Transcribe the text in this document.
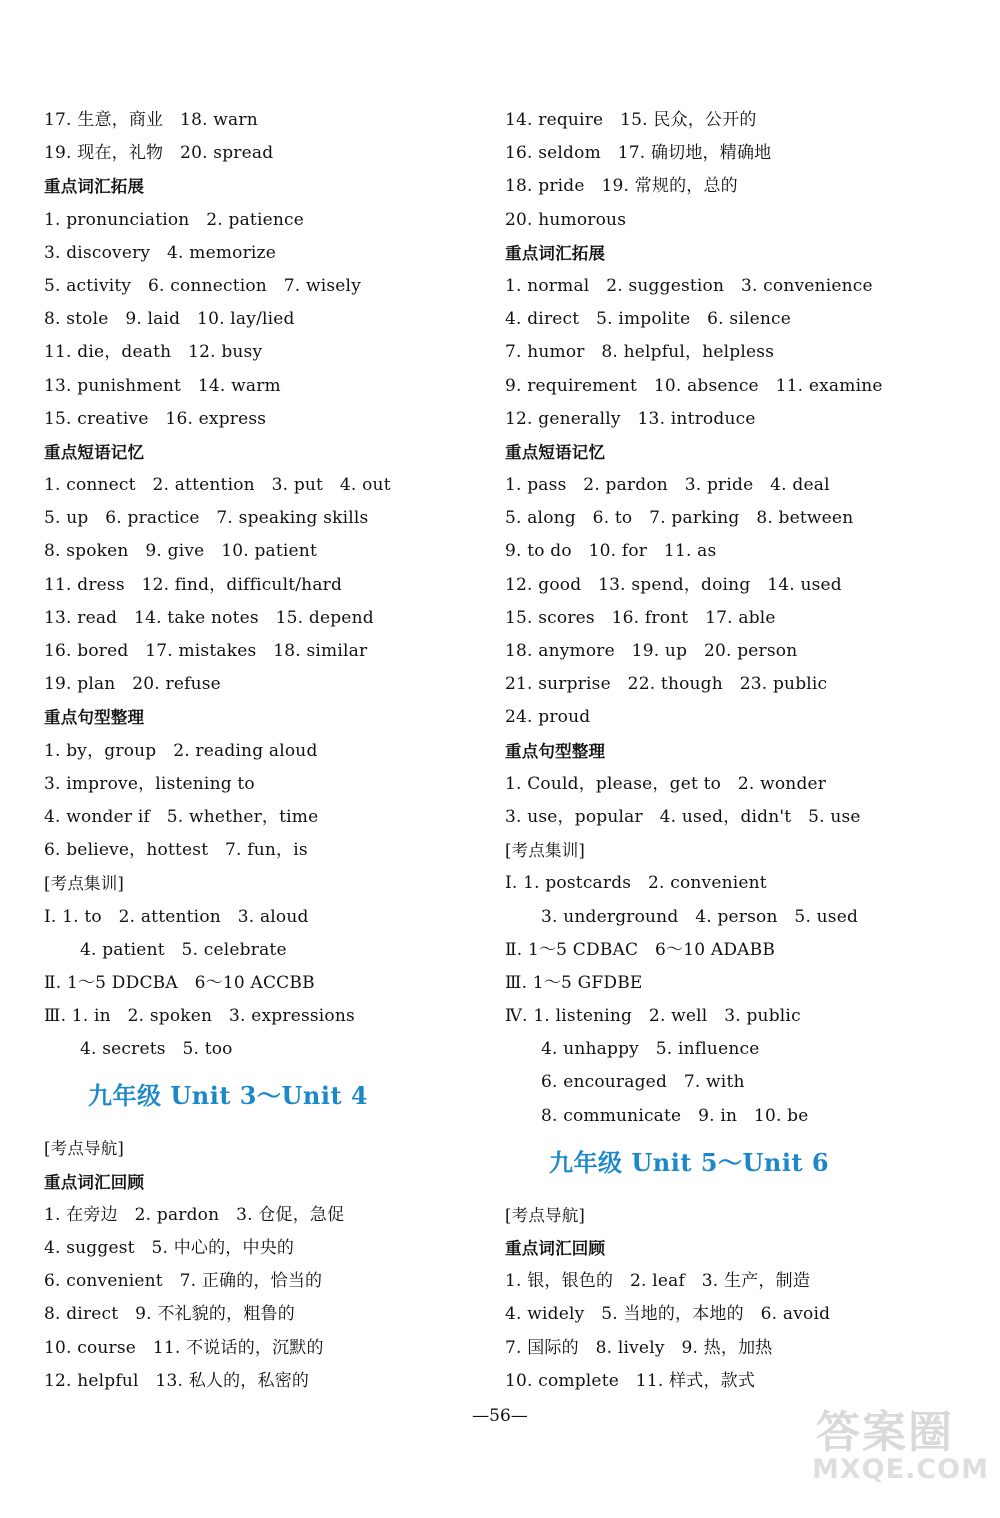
17. 生意，商业   18. warn
19. 现在，礼物   20. spread
重点词汇拓展
1. pronunciation   2. patience
3. discovery   4. memorize
5. activity   6. connection   7. wisely
8. stole   9. laid   10. lay/lied
11. die，death   12. busy
13. punishment   14. warm
15. creative   16. express
重点短语记忆
1. connect   2. attention   3. put   4. out
5. up   6. practice   7. speaking skills
8. spoken   9. give   10. patient
11. dress   12. find，difficult/hard
13. read   14. take notes   15. depend
16. bored   17. mistakes   18. similar
19. plan   20. refuse
重点句型整理
1. by，group   2. reading aloud
3. improve，listening to
4. wonder if   5. whether，time
6. believe，hottest   7. fun，is
[考点集训]
Ⅰ. 1. to   2. attention   3. aloud
4. patient   5. celebrate
Ⅱ. 1～5 DDCBA   6～10 ACCBB
Ⅲ. 1. in   2. spoken   3. expressions
4. secrets   5. too
九年级 Unit 3～Unit 4
[考点导航]
重点词汇回顾
1. 在旁边   2. pardon   3. 仓促，急促
4. suggest   5. 中心的，中央的
6. convenient   7. 正确的，恰当的
8. direct   9. 不礼貌的，粗鲁的
10. course   11. 不说话的，沉默的
12. helpful   13. 私人的，私密的
14. require   15. 民众，公开的
16. seldom   17. 确切地，精确地
18. pride   19. 常规的，总的
20. humorous
重点词汇拓展
1. normal   2. suggestion   3. convenience
4. direct   5. impolite   6. silence
7. humor   8. helpful，helpless
9. requirement   10. absence   11. examine
12. generally   13. introduce
重点短语记忆
1. pass   2. pardon   3. pride   4. deal
5. along   6. to   7. parking   8. between
9. to do   10. for   11. as
12. good   13. spend，doing   14. used
15. scores   16. front   17. able
18. anymore   19. up   20. person
21. surprise   22. though   23. public
24. proud
重点句型整理
1. Could，please，get to   2. wonder
3. use，popular   4. used，didn't   5. use
[考点集训]
Ⅰ. 1. postcards   2. convenient
3. underground   4. person   5. used
Ⅱ. 1～5 CDBAC   6～10 ADABB
Ⅲ. 1～5 GFDBE
Ⅳ. 1. listening   2. well   3. public
4. unhappy   5. influence
6. encouraged   7. with
8. communicate   9. in   10. be
九年级 Unit 5～Unit 6
[考点导航]
重点词汇回顾
1. 银，银色的   2. leaf   3. 生产，制造
4. widely   5. 当地的，本地的   6. avoid
7. 国际的   8. lively   9. 热，加热
10. complete   11. 样式，款式
—56—	答案圈
MXQE.COM
